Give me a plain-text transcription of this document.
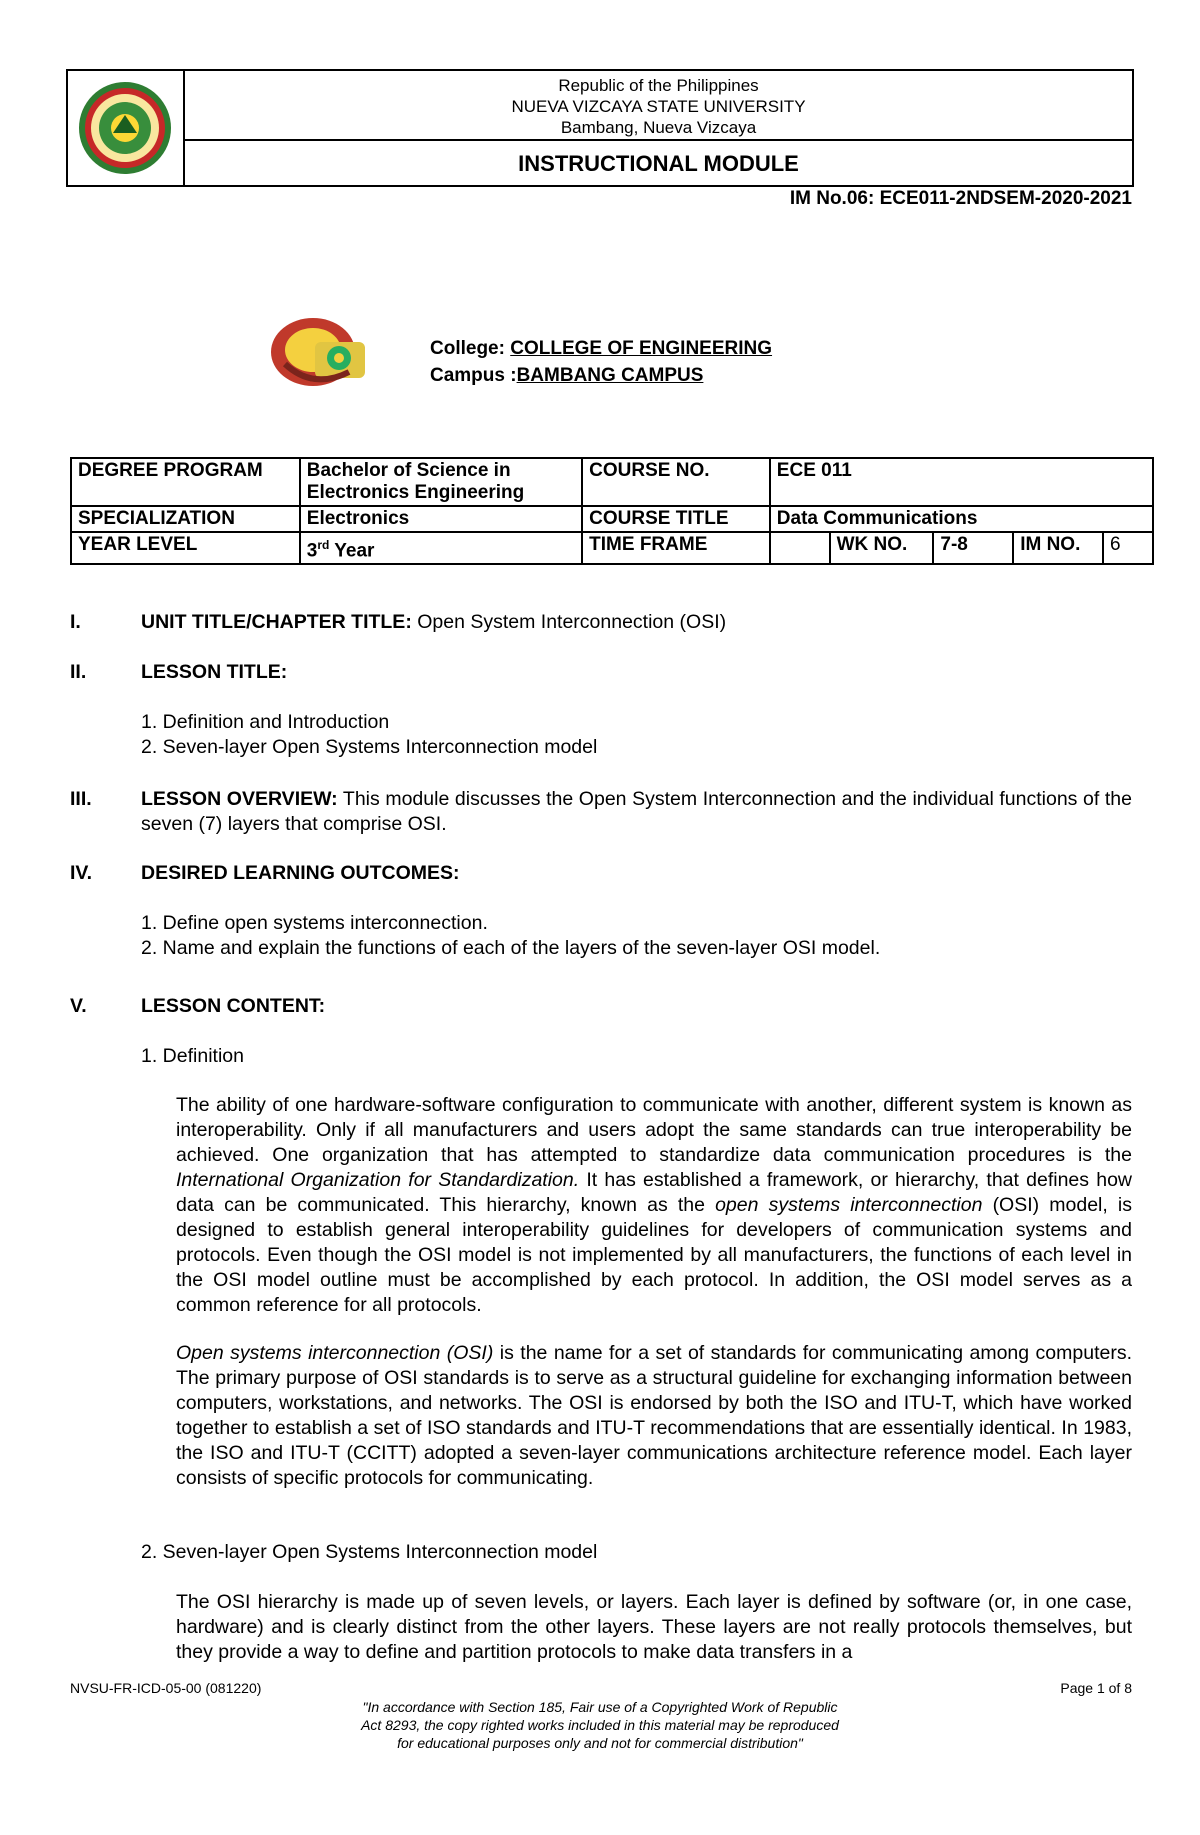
Republic of the Philippines
NUEVA VIZCAYA STATE UNIVERSITY
Bambang, Nueva Vizcaya
INSTRUCTIONAL MODULE
IM No.06: ECE011-2NDSEM-2020-2021
College: COLLEGE OF ENGINEERING
Campus :BAMBANG CAMPUS
DEGREE PROGRAM	Bachelor of Science in Electronics Engineering	COURSE NO.	ECE 011				
SPECIALIZATION	Electronics	COURSE TITLE	Data Communications				
YEAR LEVEL	3rd Year	TIME FRAME		WK NO.	7-8	IM NO.	6
I.	UNIT TITLE/CHAPTER TITLE: Open System Interconnection (OSI)
II.	LESSON TITLE:
1. Definition and Introduction
2. Seven-layer Open Systems Interconnection model
III.	LESSON OVERVIEW: This module discusses the Open System Interconnection and the individual functions of the seven (7) layers that comprise OSI.
IV.	DESIRED LEARNING OUTCOMES:
1. Define open systems interconnection.
2. Name and explain the functions of each of the layers of the seven-layer OSI model.
V.	LESSON CONTENT:
1. Definition
The ability of one hardware-software configuration to communicate with another, different system is known as interoperability. Only if all manufacturers and users adopt the same standards can true interoperability be achieved. One organization that has attempted to standardize data communication procedures is the International Organization for Standardization. It has established a framework, or hierarchy, that defines how data can be communicated. This hierarchy, known as the open systems interconnection (OSI) model, is designed to establish general interoperability guidelines for developers of communication systems and protocols. Even though the OSI model is not implemented by all manufacturers, the functions of each level in the OSI model outline must be accomplished by each protocol. In addition, the OSI model serves as a common reference for all protocols.
Open systems interconnection (OSI) is the name for a set of standards for communicating among computers. The primary purpose of OSI standards is to serve as a structural guideline for exchanging information between computers, workstations, and networks. The OSI is endorsed by both the ISO and ITU-T, which have worked together to establish a set of ISO standards and ITU-T recommendations that are essentially identical. In 1983, the ISO and ITU-T (CCITT) adopted a seven-layer communications architecture reference model. Each layer consists of specific protocols for communicating.
2. Seven-layer Open Systems Interconnection model
The OSI hierarchy is made up of seven levels, or layers. Each layer is defined by software (or, in one case, hardware) and is clearly distinct from the other layers. These layers are not really protocols themselves, but they provide a way to define and partition protocols to make data transfers in a
NVSU-FR-ICD-05-00 (081220)	Page 1 of 8
"In accordance with Section 185, Fair use of a Copyrighted Work of Republic
Act 8293, the copy righted works included in this material may be reproduced
for educational purposes only and not for commercial distribution"
